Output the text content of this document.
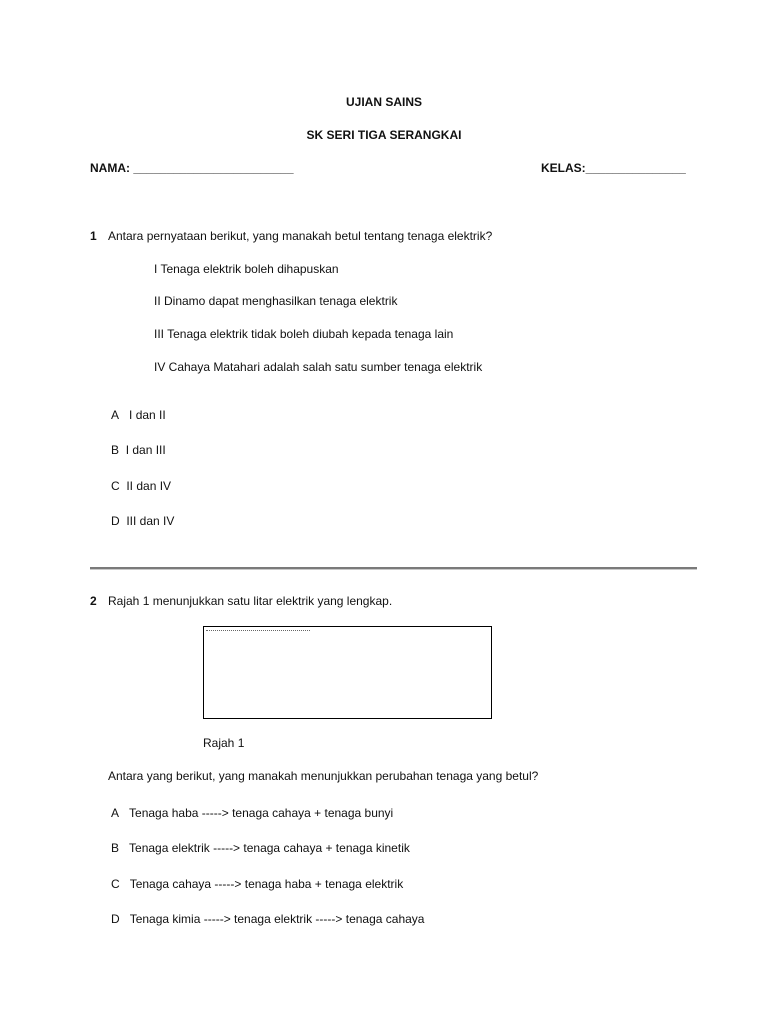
UJIAN SAINS
SK SERI TIGA SERANGKAI
NAMA: ________________________	KELAS:_______________
1 Antara pernyataan berikut, yang manakah betul tentang tenaga elektrik?
I Tenaga elektrik boleh dihapuskan
II Dinamo dapat menghasilkan tenaga elektrik
III Tenaga elektrik tidak boleh diubah kepada tenaga lain
IV Cahaya Matahari adalah salah satu sumber tenaga elektrik
A I dan II
B I dan III
C II dan IV
D III dan IV
2 Rajah 1 menunjukkan satu litar elektrik yang lengkap.
Rajah 1
Antara yang berikut, yang manakah menunjukkan perubahan tenaga yang betul?
A Tenaga haba -----> tenaga cahaya + tenaga bunyi
B Tenaga elektrik -----> tenaga cahaya + tenaga kinetik
C Tenaga cahaya -----> tenaga haba + tenaga elektrik
D Tenaga kimia -----> tenaga elektrik -----> tenaga cahaya
